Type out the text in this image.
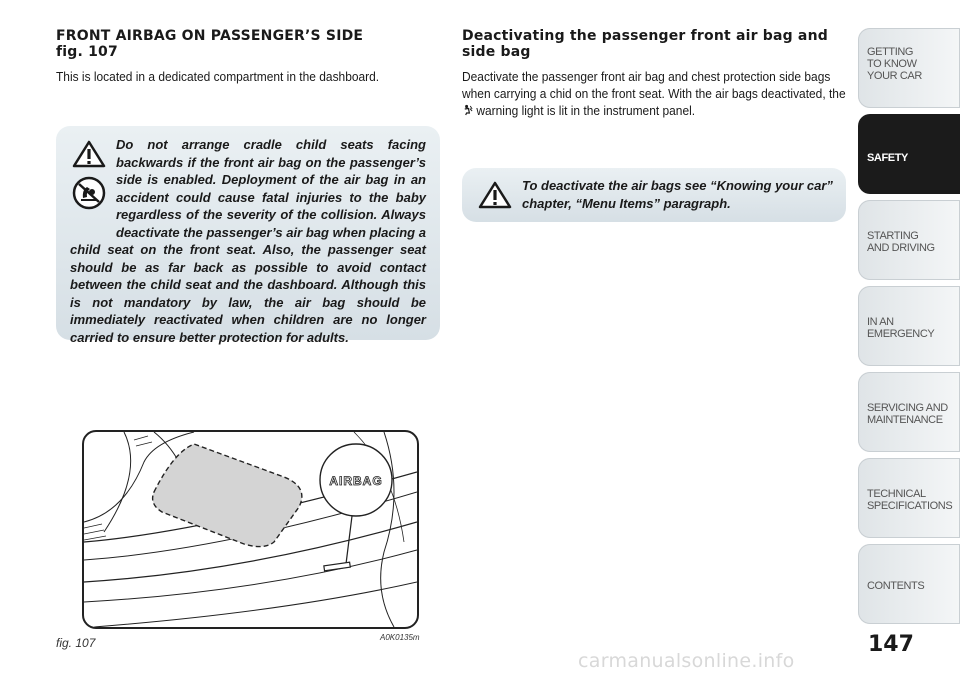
FRONT AIRBAG ON PASSENGER’S SIDE
fig. 107

This is located in a dedicated compartment in the dashboard.

Do not arrange cradle child seats facing backwards if the front air bag on the passenger’s side is enabled. Deployment of the air bag in an accident could cause fatal injuries to the baby regardless of the severity of the collision. Always deactivate the passenger’s air bag when placing a child seat on the front seat. Also, the passenger seat should be as far back as possible to avoid contact between the child seat and the dashboard. Although this is not mandatory by law, the air bag should be immediately reactivated when children are no longer carried to ensure better protection for adults.
AIRBAG
fig. 107	A0K0135m

Deactivating the passenger front air bag and side bag

Deactivate the passenger front air bag and chest protection side bags when carrying a chid on the front seat. With the air bags deactivated, the  warning light is lit in the instrument panel.

To deactivate the air bags see “Knowing your car” chapter, “Menu Items” paragraph.
GETTING
TO KNOW
YOUR CAR
SAFETY
STARTING
AND DRIVING
IN AN
EMERGENCY
SERVICING AND
MAINTENANCE
TECHNICAL
SPECIFICATIONS
CONTENTS
147
carmanualsonline.info
